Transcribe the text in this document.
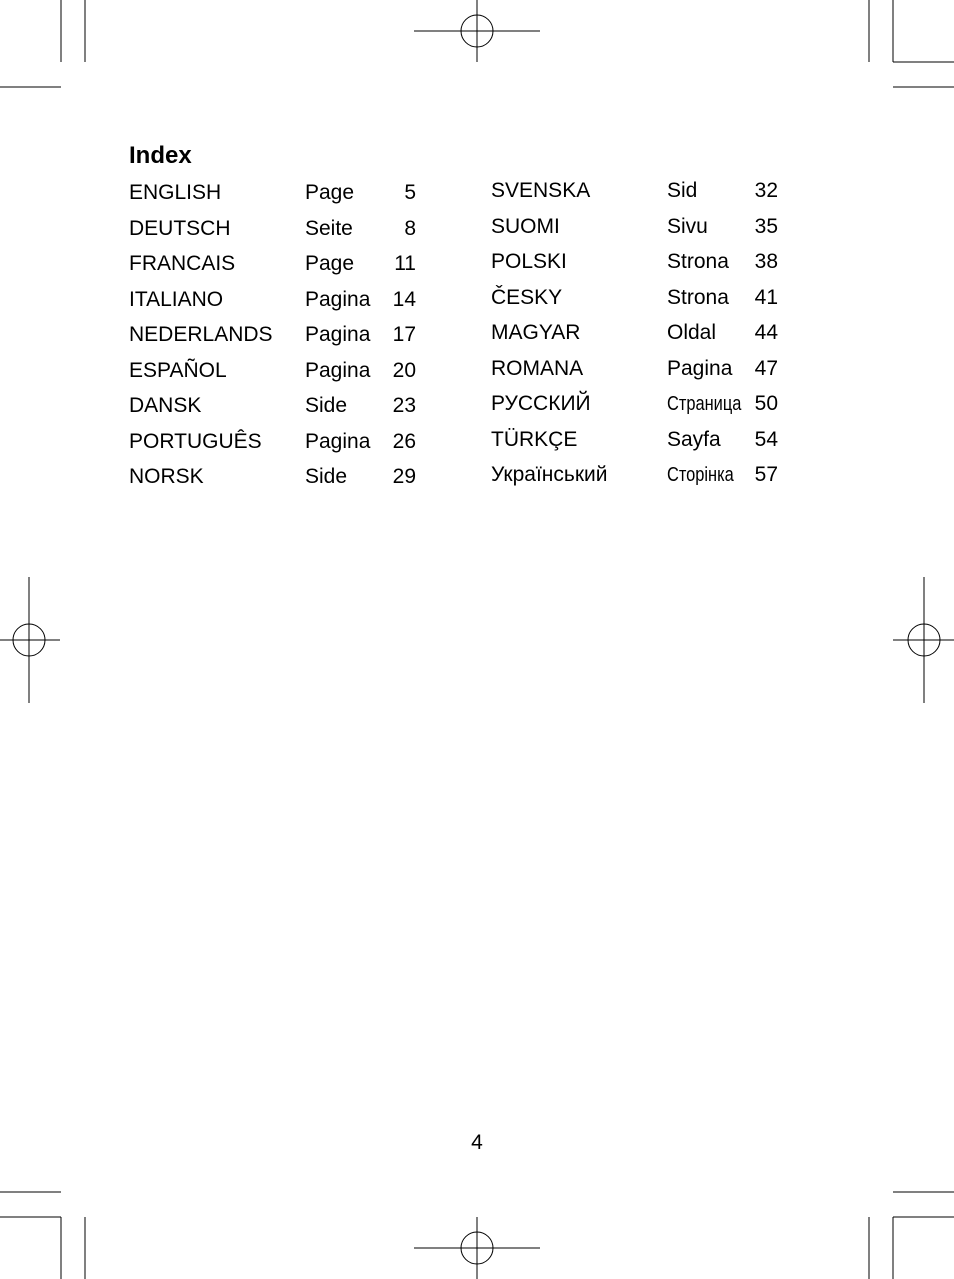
Index
ENGLISH	Page	5
DEUTSCH	Seite	8
FRANCAIS	Page	11
ITALIANO	Pagina	14
NEDERLANDS Pagina	17
ESPAÑOL	Pagina	20
DANSK	Side	23
PORTUGUÊS Pagina	26
NORSK	Side	29
SVENSKA	Sid	32
SUOMI	Sivu	35
POLSKI	Strona	38
ČESKY	Strona	41
MAGYAR	Oldal	44
ROMANA	Pagina	47
РУССКИЙ	Страница 50
TÜRKÇE	Sayfa	54
Український	Сторінка 57
4
